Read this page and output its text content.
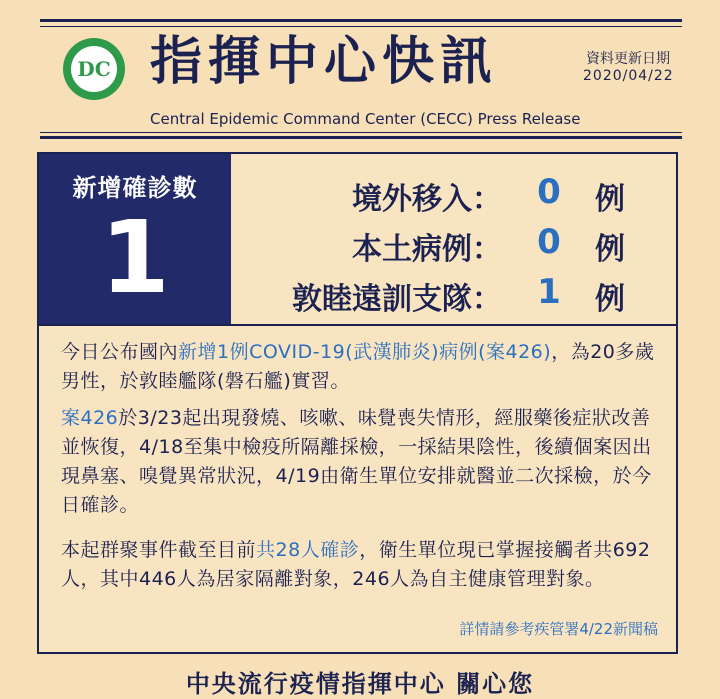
DC 指揮中心快訊	資料更新日期
2020/04/22
Central Epidemic Command Center (CECC) Press Release
新增確診數
1	境外移入： 0 例
本土病例： 0 例
敦睦遠訓支隊： 1 例
今日公布國內新增1例COVID-19(武漢肺炎)病例(案426)，為20多歲男性，於敦睦艦隊(磐石艦)實習。
案426於3/23起出現發燒、咳嗽、味覺喪失情形，經服藥後症狀改善並恢復，4/18至集中檢疫所隔離採檢，一採結果陰性，後續個案因出現鼻塞、嗅覺異常狀況，4/19由衛生單位安排就醫並二次採檢，於今日確診。
本起群聚事件截至目前共28人確診，衛生單位現已掌握接觸者共692人，其中446人為居家隔離對象，246人為自主健康管理對象。
詳情請參考疾管署4/22新聞稿
中央流行疫情指揮中心 關心您
